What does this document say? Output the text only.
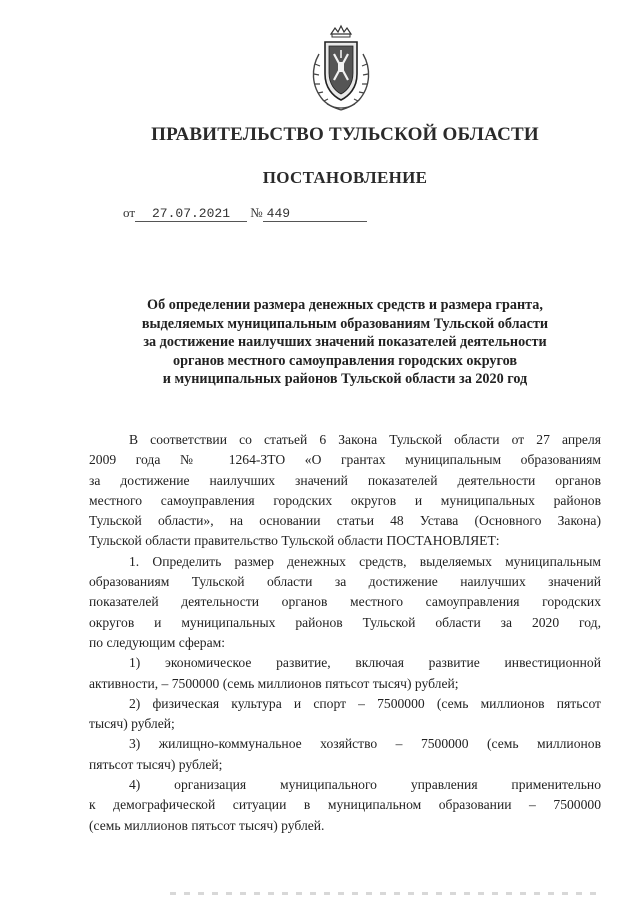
ПРАВИТЕЛЬСТВО ТУЛЬСКОЙ ОБЛАСТИ
ПОСТАНОВЛЕНИЕ
от 27.07.2021 № 449
Об определении размера денежных средств и размера гранта,
выделяемых муниципальным образованиям Тульской области
за достижение наилучших значений показателей деятельности
органов местного самоуправления городских округов
и муниципальных районов Тульской области за 2020 год
В соответствии со статьей 6 Закона Тульской области от 27 апреля
2009 года № 1264-ЗТО «О грантах муниципальным образованиям
за достижение наилучших значений показателей деятельности органов
местного самоуправления городских округов и муниципальных районов
Тульской области», на основании статьи 48 Устава (Основного Закона)
Тульской области правительство Тульской области ПОСТАНОВЛЯЕТ:
1. Определить размер денежных средств, выделяемых муниципальным
образованиям Тульской области за достижение наилучших значений
показателей деятельности органов местного самоуправления городских
округов и муниципальных районов Тульской области за 2020 год,
по следующим сферам:
1) экономическое развитие, включая развитие инвестиционной
активности, – 7500000 (семь миллионов пятьсот тысяч) рублей;
2) физическая культура и спорт – 7500000 (семь миллионов пятьсот
тысяч) рублей;
3) жилищно-коммунальное хозяйство – 7500000 (семь миллионов
пятьсот тысяч) рублей;
4) организация муниципального управления применительно
к демографической ситуации в муниципальном образовании – 7500000
(семь миллионов пятьсот тысяч) рублей.
